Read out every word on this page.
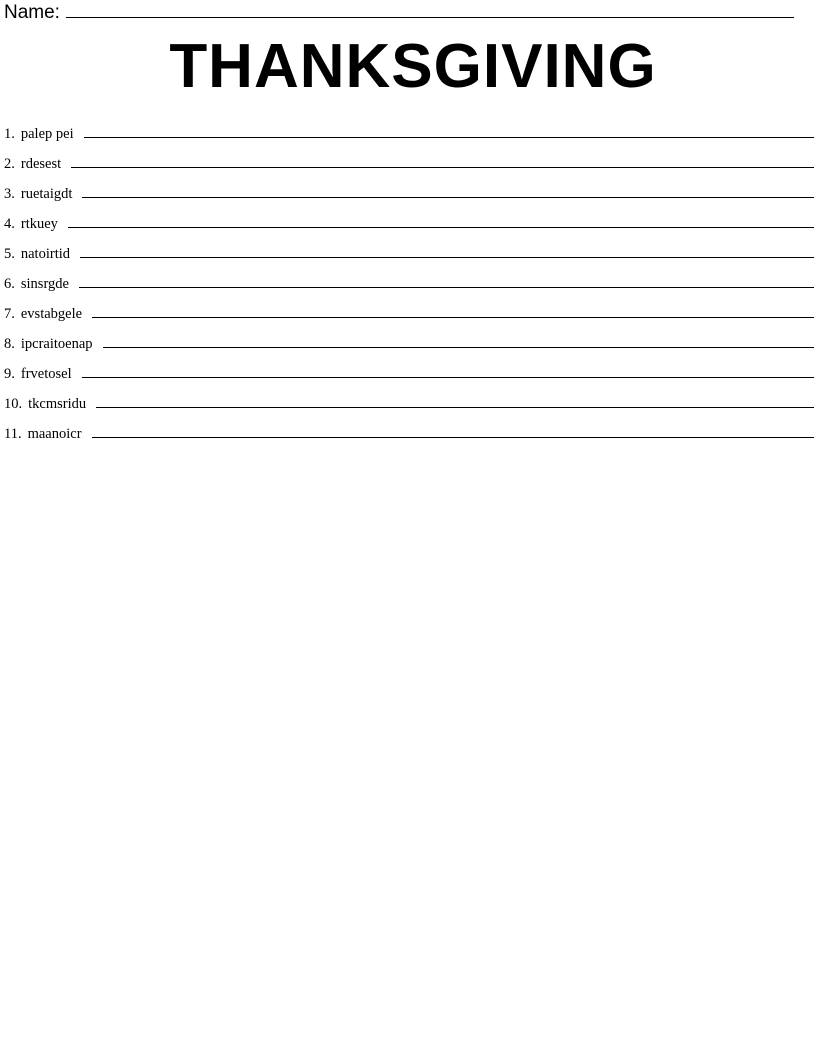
Name:
THANKSGIVING
1. palep pei
2. rdesest
3. ruetaigdt
4. rtkuey
5. natoirtid
6. sinsrgde
7. evstabgele
8. ipcraitoenap
9. frvetosel
10. tkcmsridu
11. maanoicr
